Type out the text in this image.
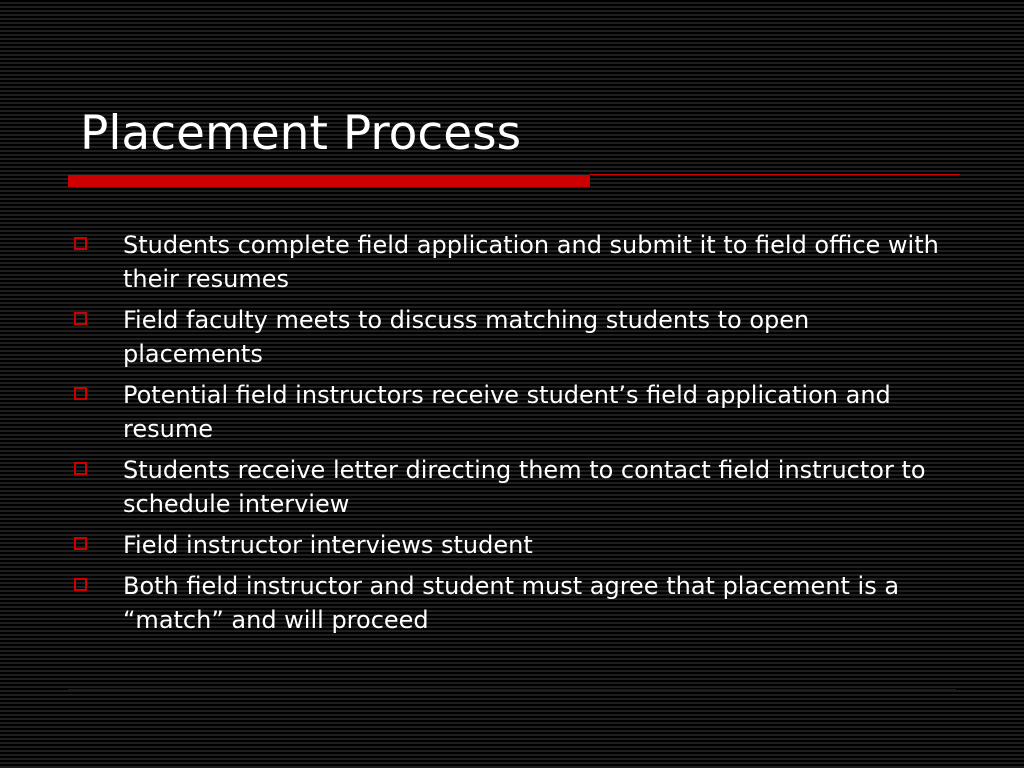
Placement Process
Students complete field application and submit it to field office with their resumes
Field faculty meets to discuss matching students to open placements
Potential field instructors receive student’s field application and resume
Students receive letter directing them to contact field instructor to schedule interview
Field instructor interviews student
Both field instructor and student must agree that placement is a “match” and will proceed
